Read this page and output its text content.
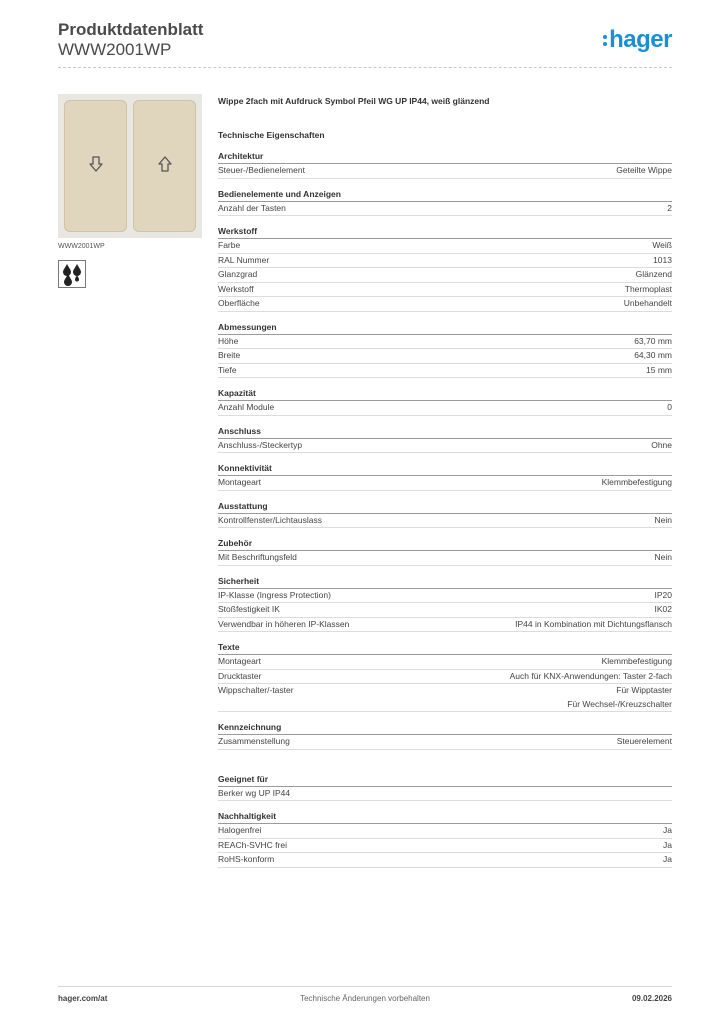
Produktdatenblatt
WWW2001WP	hager
WWW2001WP
Wippe 2fach mit Aufdruck Symbol Pfeil WG UP IP44, weiß glänzend
Technische Eigenschaften
Architektur
Steuer-/Bedienelement	Geteilte Wippe
Bedienelemente und Anzeigen
Anzahl der Tasten	2
Werkstoff
Farbe	Weiß
RAL Nummer	1013
Glanzgrad	Glänzend
Werkstoff	Thermoplast
Oberfläche	Unbehandelt
Abmessungen
Höhe	63,70 mm
Breite	64,30 mm
Tiefe	15 mm
Kapazität
Anzahl Module	0
Anschluss
Anschluss-/Steckertyp	Ohne
Konnektivität
Montageart	Klemmbefestigung
Ausstattung
Kontrollfenster/Lichtauslass	Nein
Zubehör
Mit Beschriftungsfeld	Nein
Sicherheit
IP-Klasse (Ingress Protection)	IP20
Stoßfestigkeit IK	IK02
Verwendbar in höheren IP-Klassen	IP44 in Kombination mit Dichtungsflansch
Texte
Montageart	Klemmbefestigung
Drucktaster	Auch für KNX-Anwendungen: Taster 2-fach
Wippschalter/-taster	Für Wipptaster
Für Wechsel-/Kreuzschalter
Kennzeichnung
Zusammenstellung	Steuerelement
Geeignet für
Berker wg UP IP44
Nachhaltigkeit
Halogenfrei	Ja
REACh-SVHC frei	Ja
RoHS-konform	Ja
hager.com/at	Technische Änderungen vorbehalten	09.02.2026
